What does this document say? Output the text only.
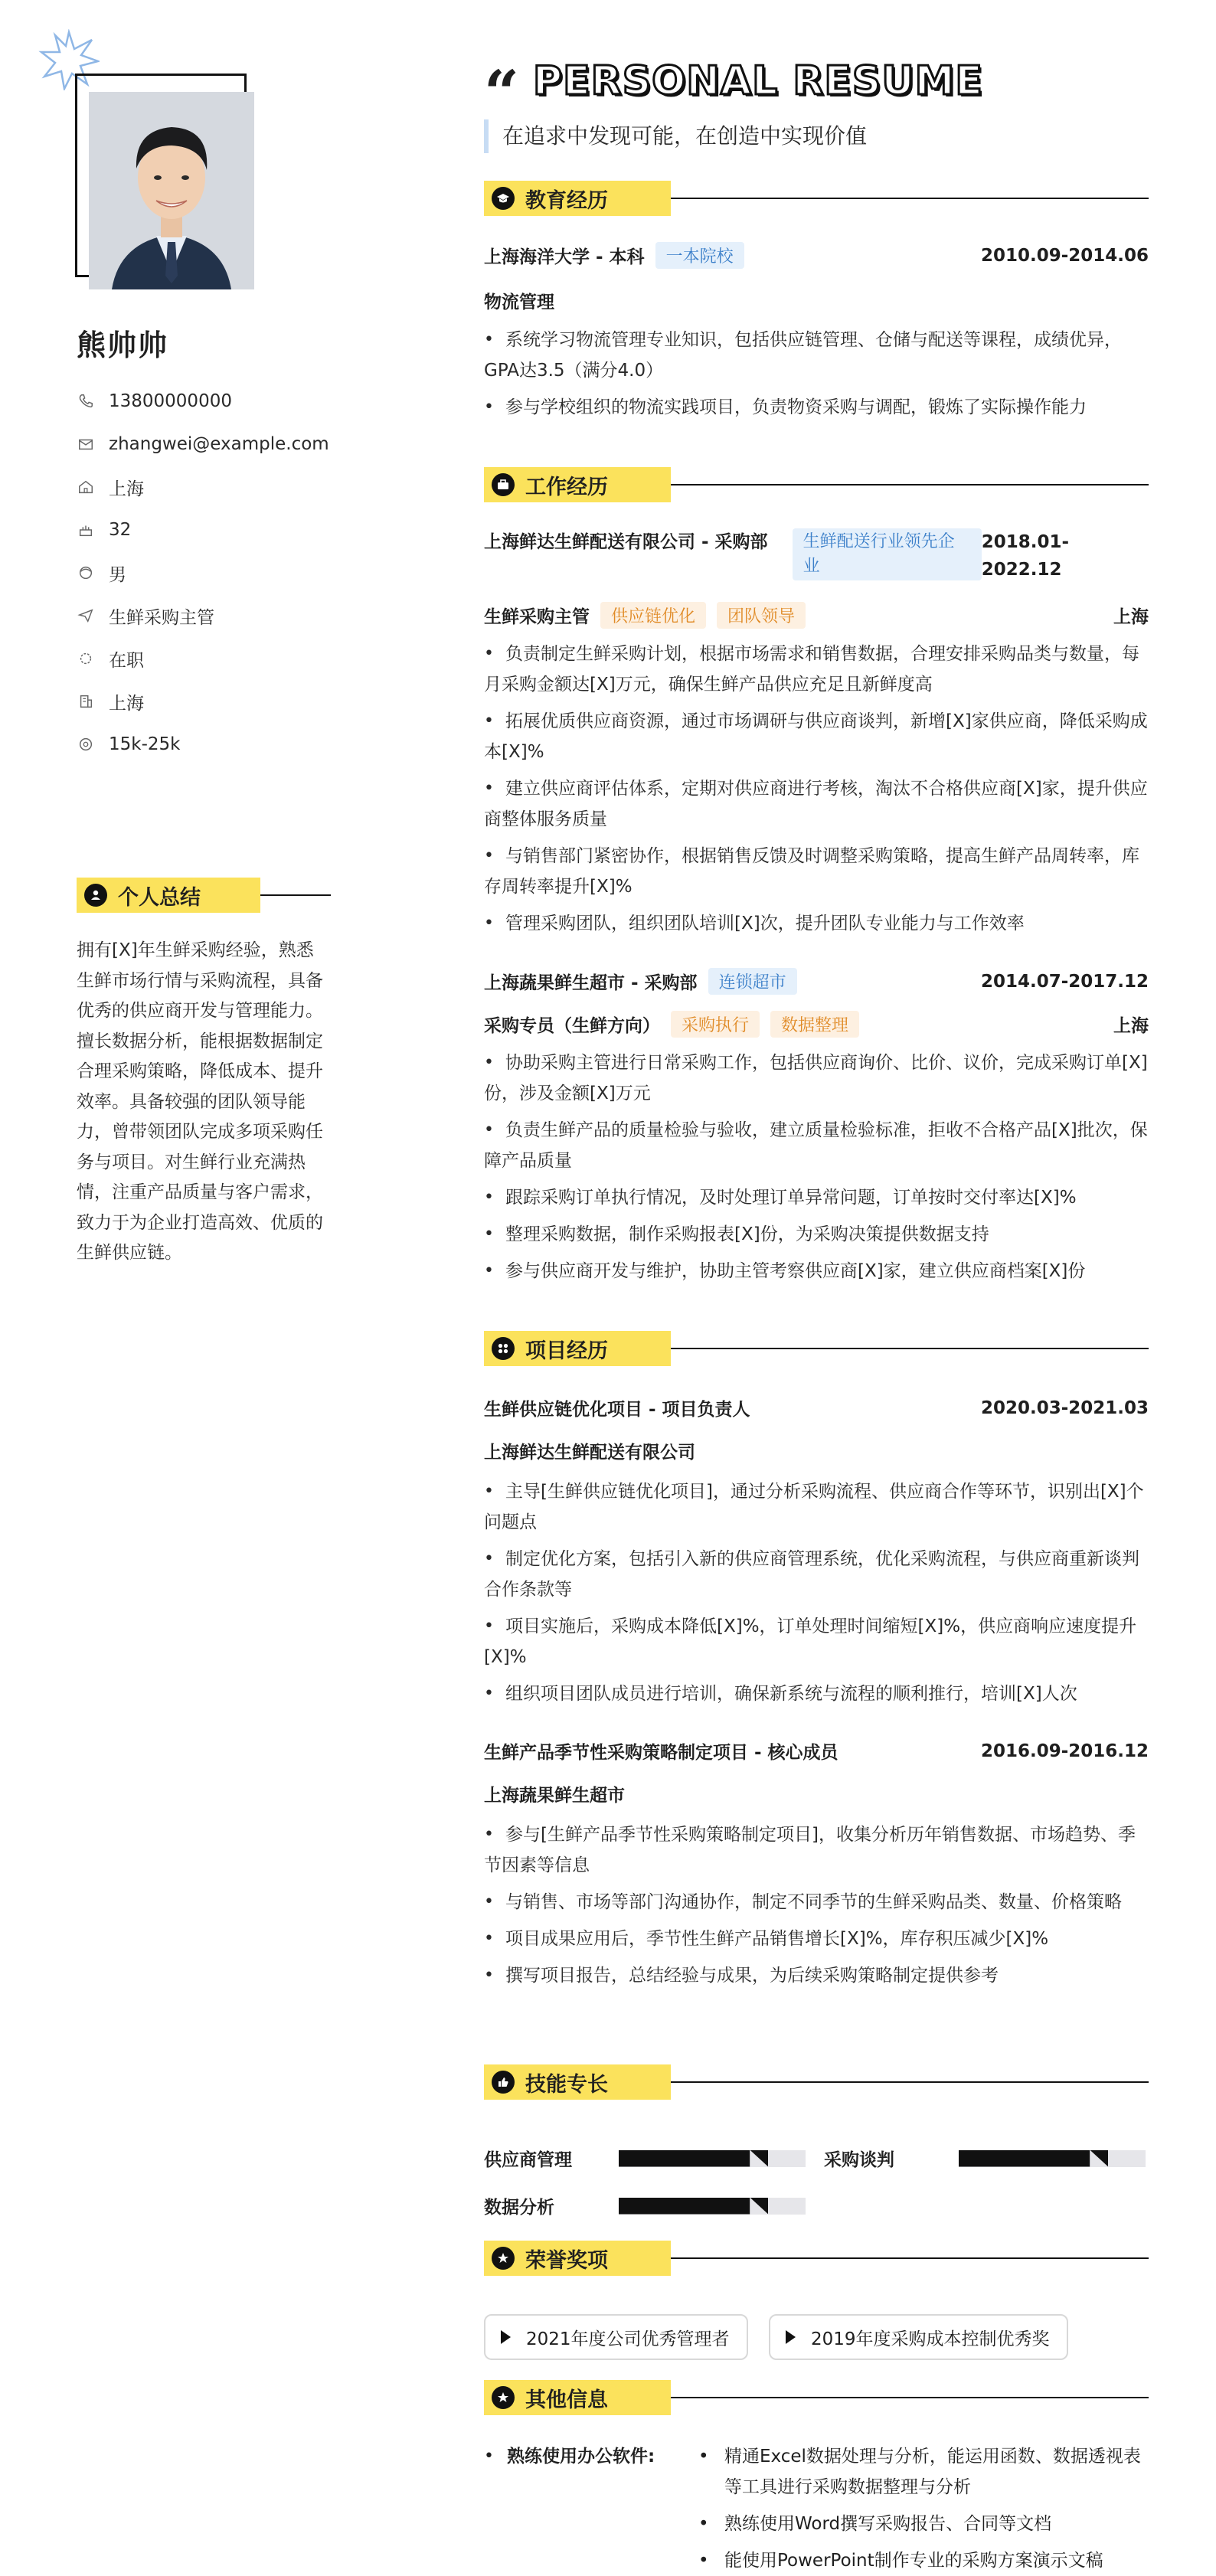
熊帅帅
13800000000
zhangwei@example.com
上海
32
男
生鲜采购主管
在职
上海
15k-25k
个人总结
拥有[X]年生鲜采购经验，熟悉生鲜市场行情与采购流程，具备优秀的供应商开发与管理能力。擅长数据分析，能根据数据制定合理采购策略，降低成本、提升效率。具备较强的团队领导能力，曾带领团队完成多项采购任务与项目。对生鲜行业充满热情，注重产品质量与客户需求，致力于为企业打造高效、优质的生鲜供应链。
“ PERSONAL RESUME
在追求中发现可能，在创造中实现价值
教育经历
上海海洋大学 - 本科	一本院校	2010.09-2014.06
物流管理
• 系统学习物流管理专业知识，包括供应链管理、仓储与配送等课程，成绩优异，GPA达3.5（满分4.0）
• 参与学校组织的物流实践项目，负责物资采购与调配，锻炼了实际操作能力
工作经历
上海鲜达生鲜配送有限公司 - 采购部	生鲜配送行业领先企业
2018.01-2022.12
生鲜采购主管	供应链优化	团队领导	上海
• 负责制定生鲜采购计划，根据市场需求和销售数据，合理安排采购品类与数量，每月采购金额达[X]万元，确保生鲜产品供应充足且新鲜度高
• 拓展优质供应商资源，通过市场调研与供应商谈判，新增[X]家供应商，降低采购成本[X]%
• 建立供应商评估体系，定期对供应商进行考核，淘汰不合格供应商[X]家，提升供应商整体服务质量
• 与销售部门紧密协作，根据销售反馈及时调整采购策略，提高生鲜产品周转率，库存周转率提升[X]%
• 管理采购团队，组织团队培训[X]次，提升团队专业能力与工作效率
上海蔬果鲜生超市 - 采购部	连锁超市	2014.07-2017.12
采购专员（生鲜方向）	采购执行	数据整理	上海
• 协助采购主管进行日常采购工作，包括供应商询价、比价、议价，完成采购订单[X]份，涉及金额[X]万元
• 负责生鲜产品的质量检验与验收，建立质量检验标准，拒收不合格产品[X]批次，保障产品质量
• 跟踪采购订单执行情况，及时处理订单异常问题，订单按时交付率达[X]%
• 整理采购数据，制作采购报表[X]份，为采购决策提供数据支持
• 参与供应商开发与维护，协助主管考察供应商[X]家，建立供应商档案[X]份
项目经历
生鲜供应链优化项目 - 项目负责人	2020.03-2021.03
上海鲜达生鲜配送有限公司
• 主导[生鲜供应链优化项目]，通过分析采购流程、供应商合作等环节，识别出[X]个问题点
• 制定优化方案，包括引入新的供应商管理系统，优化采购流程，与供应商重新谈判合作条款等
• 项目实施后，采购成本降低[X]%，订单处理时间缩短[X]%，供应商响应速度提升[X]%
• 组织项目团队成员进行培训，确保新系统与流程的顺利推行，培训[X]人次
生鲜产品季节性采购策略制定项目 - 核心成员	2016.09-2016.12
上海蔬果鲜生超市
• 参与[生鲜产品季节性采购策略制定项目]，收集分析历年销售数据、市场趋势、季节因素等信息
• 与销售、市场等部门沟通协作，制定不同季节的生鲜采购品类、数量、价格策略
• 项目成果应用后，季节性生鲜产品销售增长[X]%，库存积压减少[X]%
• 撰写项目报告，总结经验与成果，为后续采购策略制定提供参考
技能专长
供应商管理	采购谈判
数据分析
荣誉奖项
2021年度公司优秀管理者	2019年度采购成本控制优秀奖
其他信息
• 熟练使用办公软件:	• 精通Excel数据处理与分析，能运用函数、数据透视表等工具进行采购数据整理与分析
• 熟练使用Word撰写采购报告、合同等文档
• 能使用PowerPoint制作专业的采购方案演示文稿
